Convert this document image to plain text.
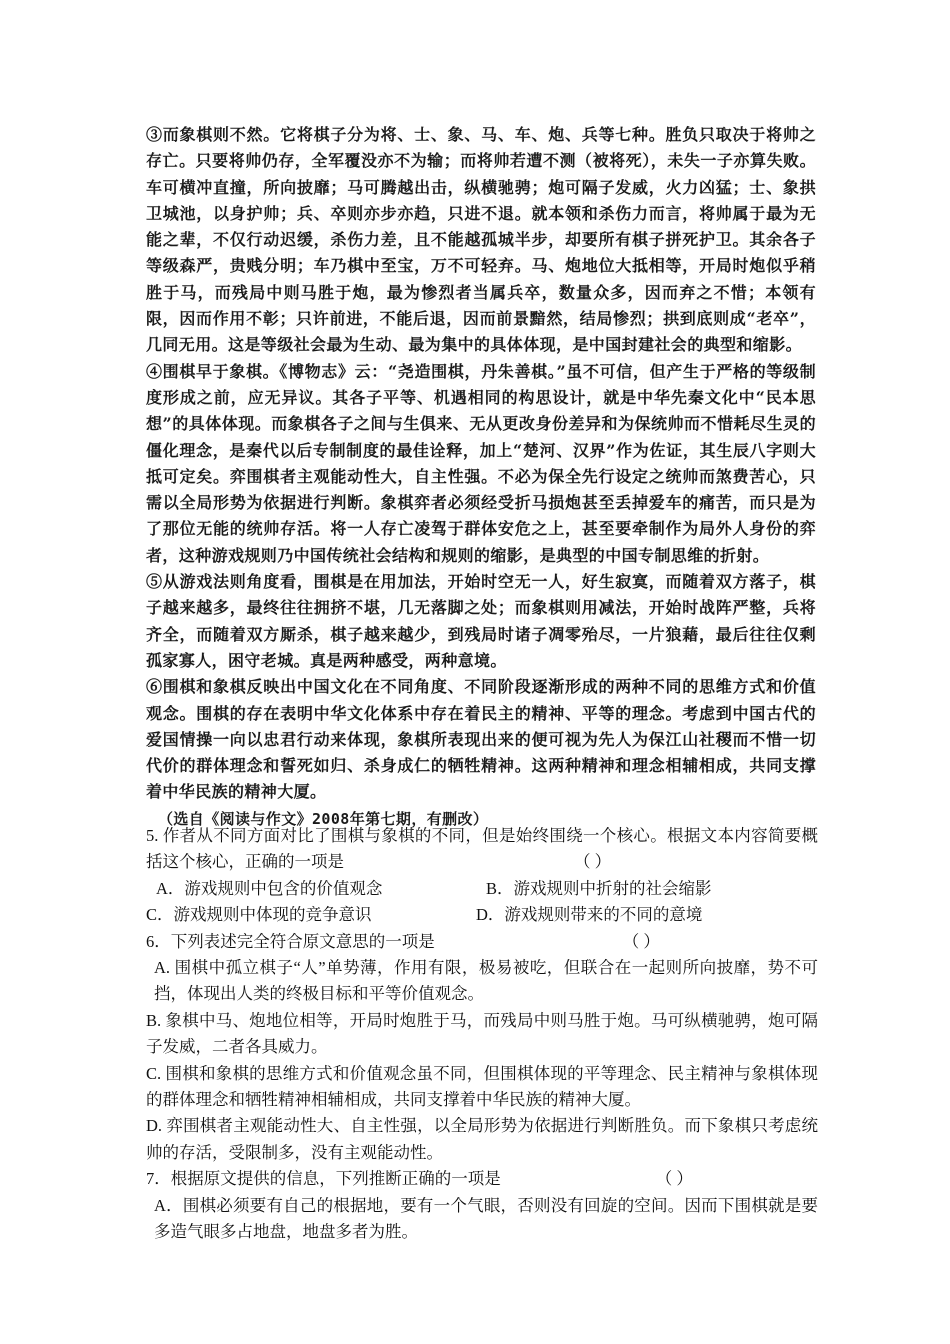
③而象棋则不然。它将棋子分为将、士、象、马、车、炮、兵等七种。胜负只取决于将帅之存亡。只要将帅仍存，全军覆没亦不为输；而将帅若遭不测（被将死），未失一子亦算失败。车可横冲直撞，所向披靡；马可腾越出击，纵横驰骋；炮可隔子发威，火力凶猛；士、象拱卫城池，以身护帅；兵、卒则亦步亦趋，只进不退。就本领和杀伤力而言，将帅属于最为无能之辈，不仅行动迟缓，杀伤力差，且不能越孤城半步，却要所有棋子拼死护卫。其余各子等级森严，贵贱分明；车乃棋中至宝，万不可轻弃。马、炮地位大抵相等，开局时炮似乎稍胜于马，而残局中则马胜于炮，最为惨烈者当属兵卒，数量众多，因而弃之不惜；本领有限，因而作用不彰；只许前进，不能后退，因而前景黯然，结局惨烈；拱到底则成“老卒”，几同无用。这是等级社会最为生动、最为集中的具体体现，是中国封建社会的典型和缩影。

④围棋早于象棋。《博物志》云：“尧造围棋，丹朱善棋。”虽不可信，但产生于严格的等级制度形成之前，应无异议。其各子平等、机遇相同的构思设计，就是中华先秦文化中“民本思想”的具体体现。而象棋各子之间与生俱来、无从更改身份差异和为保统帅而不惜耗尽生灵的僵化理念，是秦代以后专制制度的最佳诠释，加上“楚河、汉界”作为佐证，其生辰八字则大抵可定矣。弈围棋者主观能动性大，自主性强。不必为保全先行设定之统帅而煞费苦心，只需以全局形势为依据进行判断。象棋弈者必须经受折马损炮甚至丢掉爱车的痛苦，而只是为了那位无能的统帅存活。将一人存亡凌驾于群体安危之上，甚至要牵制作为局外人身份的弈者，这种游戏规则乃中国传统社会结构和规则的缩影，是典型的中国专制思维的折射。

⑤从游戏法则角度看，围棋是在用加法，开始时空无一人，好生寂寞，而随着双方落子，棋子越来越多，最终往往拥挤不堪，几无落脚之处；而象棋则用减法，开始时战阵严整，兵将齐全，而随着双方厮杀，棋子越来越少，到残局时诸子凋零殆尽，一片狼藉，最后往往仅剩孤家寡人，困守老城。真是两种感受，两种意境。

⑥围棋和象棋反映出中国文化在不同角度、不同阶段逐渐形成的两种不同的思维方式和价值观念。围棋的存在表明中华文化体系中存在着民主的精神、平等的理念。考虑到中国古代的爱国情操一向以忠君行动来体现，象棋所表现出来的便可视为先人为保江山社稷而不惜一切代价的群体理念和誓死如归、杀身成仁的牺牲精神。这两种精神和理念相辅相成，共同支撑着中华民族的精神大厦。

（选自《阅读与作文》2008年第七期，有删改）

5. 作者从不同方面对比了围棋与象棋的不同，但是始终围绕一个核心。根据文本内容简要概括这个核心，正确的一项是	（ ）

A．游戏规则中包含的价值观念	B．游戏规则中折射的社会缩影
C．游戏规则中体现的竞争意识	D．游戏规则带来的不同的意境

6．下列表述完全符合原文意思的一项是	（ ）

A. 围棋中孤立棋子“人”单势薄，作用有限，极易被吃，但联合在一起则所向披靡，势不可挡，体现出人类的终极目标和平等价值观念。

B. 象棋中马、炮地位相等，开局时炮胜于马，而残局中则马胜于炮。马可纵横驰骋，炮可隔子发威，二者各具威力。

C. 围棋和象棋的思维方式和价值观念虽不同，但围棋体现的平等理念、民主精神与象棋体现的群体理念和牺牲精神相辅相成，共同支撑着中华民族的精神大厦。

D. 弈围棋者主观能动性大、自主性强，以全局形势为依据进行判断胜负。而下象棋只考虑统帅的存活，受限制多，没有主观能动性。

7．根据原文提供的信息，下列推断正确的一项是	（ ）

A．围棋必须要有自己的根据地，要有一个气眼，否则没有回旋的空间。因而下围棋就是要多造气眼多占地盘，地盘多者为胜。
